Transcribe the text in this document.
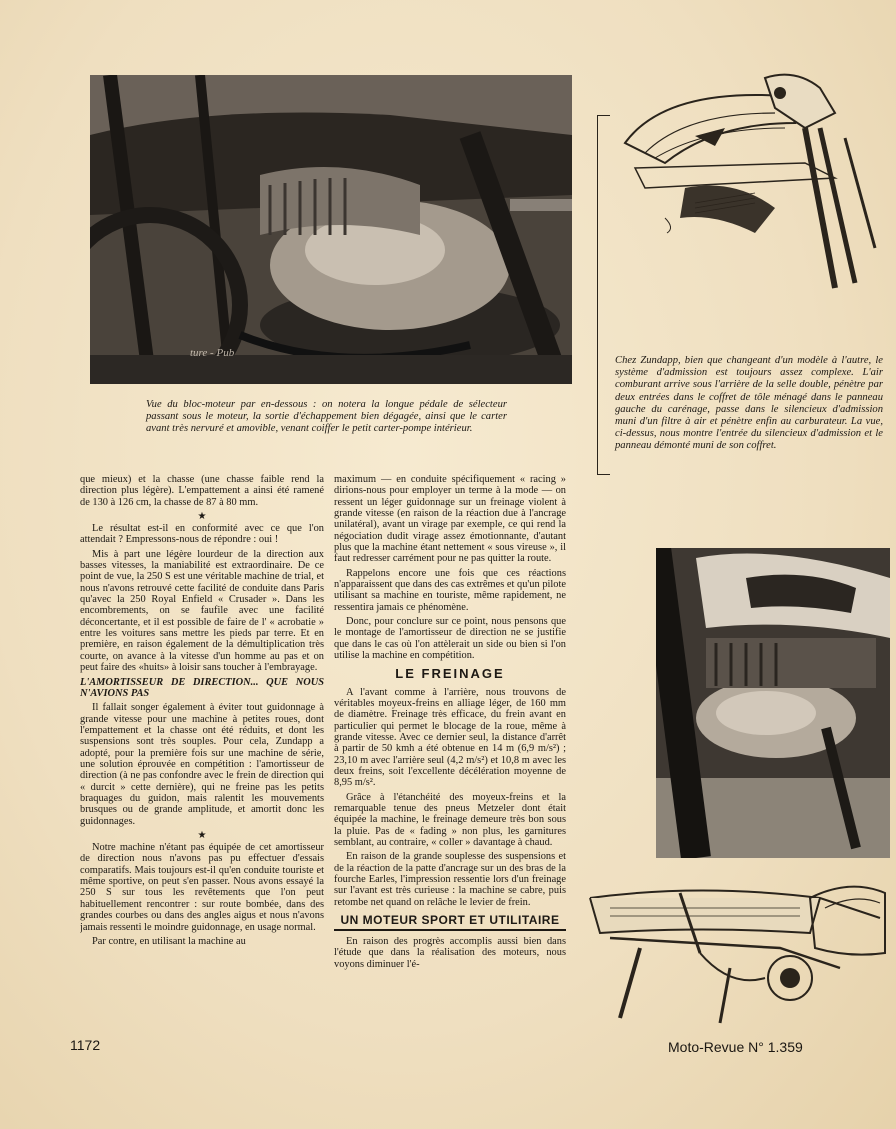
ture - Pub
Vue du bloc-moteur par en-dessous : on notera la longue pédale de sélecteur passant sous le moteur, la sortie d'échappement bien dégagée, ainsi que le carter avant très nervuré et amovible, venant coiffer le petit carter-pompe intérieur.
Chez Zundapp, bien que changeant d'un modèle à l'autre, le système d'admission est toujours assez complexe. L'air comburant arrive sous l'arrière de la selle double, pénètre par deux entrées dans le coffret de tôle ménagé dans le panneau gauche du carénage, passe dans le silencieux d'admission muni d'un filtre à air et pénètre enfin au carburateur. La vue, ci-dessus, nous montre l'entrée du silencieux d'admission et le panneau démonté muni de son coffret.

que mieux) et la chasse (une chasse faible rend la direction plus légère). L'empattement a ainsi été ramené de 130 à 126 cm, la chasse de 87 à 80 mm.

★

Le résultat est-il en conformité avec ce que l'on attendait ? Empressons-nous de répondre : oui !

Mis à part une légère lourdeur de la direction aux basses vitesses, la maniabilité est extraordinaire. De ce point de vue, la 250 S est une véritable machine de trial, et nous n'avons retrouvé cette facilité de conduite dans Paris qu'avec la 250 Royal Enfield « Crusader ». Dans les encombrements, on se faufile avec une facilité déconcertante, et il est possible de faire de l' « acrobatie » entre les voitures sans mettre les pieds par terre. Et en première, en raison également de la démultiplication très courte, on avance à la vitesse d'un homme au pas et on peut faire des «huits» à loisir sans toucher à l'embrayage.

L'AMORTISSEUR DE DIRECTION... QUE NOUS N'AVIONS PAS

Il fallait songer également à éviter tout guidonnage à grande vitesse pour une machine à petites roues, dont l'empattement et la chasse ont été réduits, et dont les suspensions sont très souples. Pour cela, Zundapp a adopté, pour la première fois sur une machine de série, une solution éprouvée en compétition : l'amortisseur de direction (à ne pas confondre avec le frein de direction qui « durcit » cette dernière), qui ne freine pas les petits braquages du guidon, mais ralentit les mouvements brusques ou de grande amplitude, et amortit donc les guidonnages.

★

Notre machine n'étant pas équipée de cet amortisseur de direction nous n'avons pas pu effectuer d'essais comparatifs. Mais toujours est-il qu'en conduite touriste et même sportive, on peut s'en passer. Nous avons essayé la 250 S sur tous les revêtements que l'on peut habituellement rencontrer : sur route bombée, dans des grandes courbes ou dans des angles aigus et nous n'avons jamais ressenti le moindre guidonnage, en usage normal.

Par contre, en utilisant la machine au

maximum — en conduite spécifiquement « racing » dirions-nous pour employer un terme à la mode — on ressent un léger guidonnage sur un freinage violent à grande vitesse (en raison de la réaction due à l'ancrage unilatéral), avant un virage par exemple, ce qui rend la négociation dudit virage assez émotionnante, d'autant plus que la machine étant nettement « sous vireuse », il faut redresser carrément pour ne pas quitter la route.

Rappelons encore une fois que ces réactions n'apparaissent que dans des cas extrêmes et qu'un pilote utilisant sa machine en touriste, même rapidement, ne ressentira jamais ce phénomène.

Donc, pour conclure sur ce point, nous pensons que le montage de l'amortisseur de direction ne se justifie que dans le cas où l'on attèlerait un side ou bien si l'on utilise la machine en compétition.

LE FREINAGE

A l'avant comme à l'arrière, nous trouvons de véritables moyeux-freins en alliage léger, de 160 mm de diamètre. Freinage très efficace, du frein avant en particulier qui permet le blocage de la roue, même à grande vitesse. Avec ce dernier seul, la distance d'arrêt à partir de 50 kmh a été obtenue en 14 m (6,9 m/s²) ; 23,10 m avec l'arrière seul (4,2 m/s²) et 10,8 m avec les deux freins, soit l'excellente décélération moyenne de 8,95 m/s².

Grâce à l'étanchéité des moyeux-freins et la remarquable tenue des pneus Metzeler dont était équipée la machine, le freinage demeure très bon sous la pluie. Pas de « fading » non plus, les garnitures semblant, au contraire, « coller » davantage à chaud.

En raison de la grande souplesse des suspensions et de la réaction de la patte d'ancrage sur un des bras de la fourche Earles, l'impression ressentie lors d'un freinage sur l'avant est très curieuse : la machine se cabre, puis retombe net quand on relâche le levier de frein.

UN MOTEUR SPORT ET UTILITAIRE

En raison des progrès accomplis aussi bien dans l'étude que dans la réalisation des moteurs, nous voyons diminuer l'é-

1172	Moto-Revue N° 1.359
